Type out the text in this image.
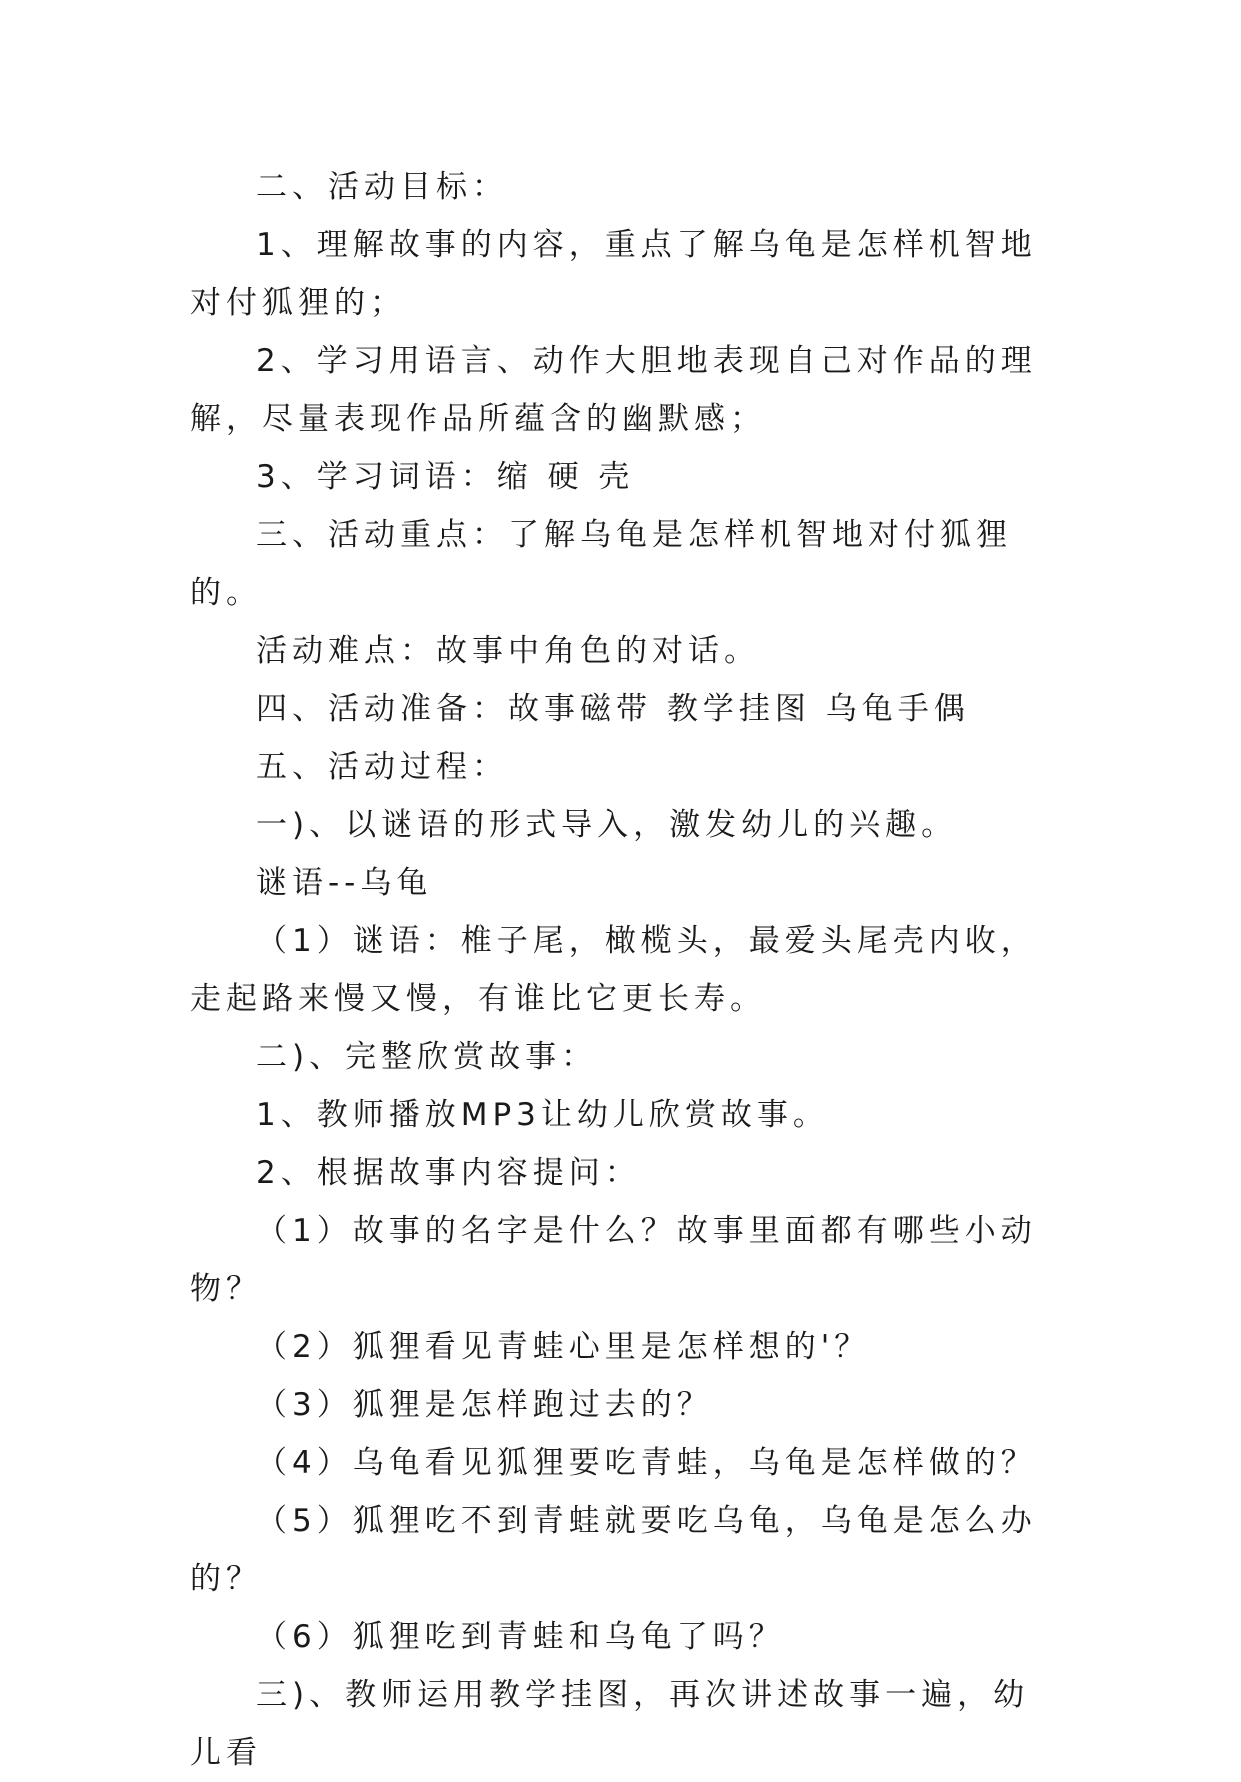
二、活动目标：

1、理解故事的内容，重点了解乌龟是怎样机智地对付狐狸的；

2、学习用语言、动作大胆地表现自己对作品的理解，尽量表现作品所蕴含的幽默感；

3、学习词语：缩 硬 壳

三、活动重点：了解乌龟是怎样机智地对付狐狸的。

活动难点：故事中角色的对话。

四、活动准备：故事磁带 教学挂图 乌龟手偶

五、活动过程：

一)、以谜语的形式导入，激发幼儿的兴趣。

谜语--乌龟

（1）谜语：椎子尾，橄榄头，最爱头尾壳内收，走起路来慢又慢，有谁比它更长寿。

二)、完整欣赏故事：

1、教师播放MP3让幼儿欣赏故事。

2、根据故事内容提问：

（1）故事的名字是什么？故事里面都有哪些小动物？

（2）狐狸看见青蛙心里是怎样想的'？

（3）狐狸是怎样跑过去的？

（4）乌龟看见狐狸要吃青蛙，乌龟是怎样做的？

（5）狐狸吃不到青蛙就要吃乌龟，乌龟是怎么办的？

（6）狐狸吃到青蛙和乌龟了吗？

三)、教师运用教学挂图，再次讲述故事一遍，幼儿看
